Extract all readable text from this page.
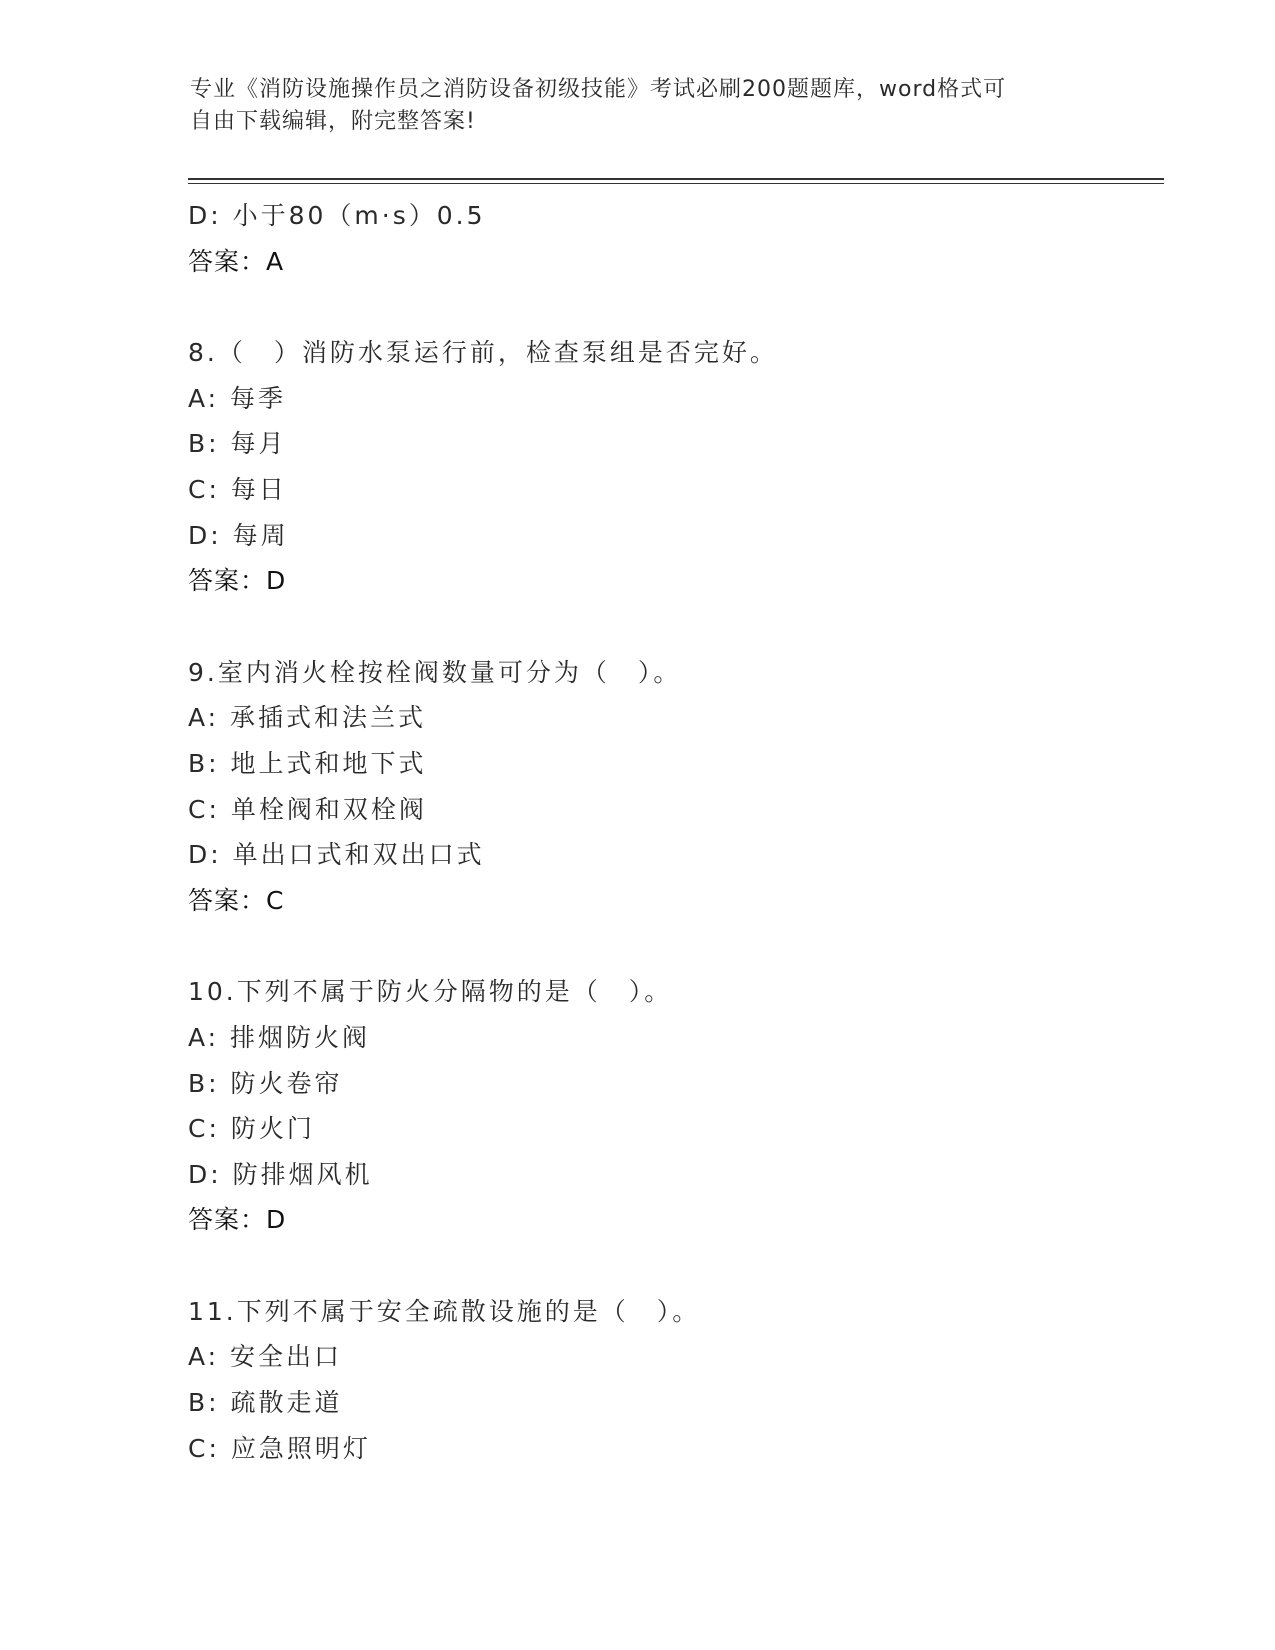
专业《消防设施操作员之消防设备初级技能》考试必刷200题题库，word格式可
自由下载编辑，附完整答案!
D: 小于80（m·s）0.5
答案：A
8.（　）消防水泵运行前，检查泵组是否完好。
A: 每季
B: 每月
C: 每日
D: 每周
答案：D
9.室内消火栓按栓阀数量可分为（　）。
A: 承插式和法兰式
B: 地上式和地下式
C: 单栓阀和双栓阀
D: 单出口式和双出口式
答案：C
10.下列不属于防火分隔物的是（　）。
A: 排烟防火阀
B: 防火卷帘
C: 防火门
D: 防排烟风机
答案：D
11.下列不属于安全疏散设施的是（　）。
A: 安全出口
B: 疏散走道
C: 应急照明灯
